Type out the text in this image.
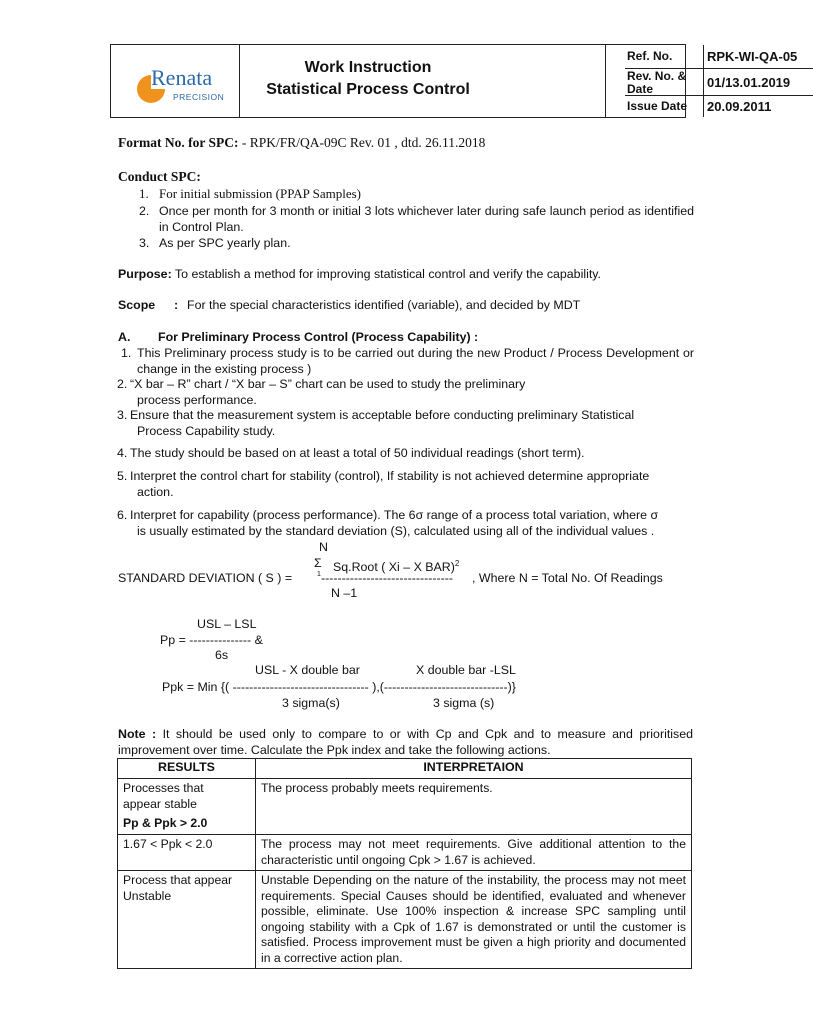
Renata
PRECISION
Work Instruction
Statistical Process Control
Ref. No.	RPK-WI-QA-05
Rev. No. &
Date	01/13.01.2019
Issue Date	20.09.2011
Format No. for SPC: - RPK/FR/QA-09C Rev. 01 , dtd. 26.11.2018
Conduct SPC:
1. For initial submission (PPAP Samples)
2. Once per month for 3 month or initial 3 lots whichever later during safe launch period as identified in Control Plan.
3. As per SPC yearly plan.
Purpose: To establish a method for improving statistical control and verify the capability.
Scope : For the special characteristics identified (variable), and decided by MDT
A. For Preliminary Process Control (Process Capability) :
1. This Preliminary process study is to be carried out during the new Product / Process Development or change in the existing process )
2. “X bar – R” chart / “X bar – S” chart can be used to study the preliminary
process performance.
3. Ensure that the measurement system is acceptable before conducting preliminary Statistical
Process Capability study.
4. The study should be based on at least a total of 50 individual readings (short term).
5. Interpret the control chart for stability (control), If stability is not achieved determine appropriate
action.
6. Interpret for capability (process performance). The 6σ range of a process total variation, where σ
is usually estimated by the standard deviation (S), calculated using all of the individual values .
N
Σ Sq.Root ( Xi – X BAR)$^2$
STANDARD DEVIATION ( S ) =	1 -------------------------------- , Where N = Total No. Of Readings
N –1
USL – LSL
Pp = --------------- &
6s
USL - X double bar	X double bar -LSL
Ppk = Min {( --------------------------------- ),(------------------------------)}
3 sigma(s)	3 sigma (s)
Note : It should be used only to compare to or with Cp and Cpk and to measure and prioritised improvement over time. Calculate the Ppk index and take the following actions.
RESULTS	INTERPRETAION

Processes that
appear stable
Pp & Ppk > 2.0	The process probably meets requirements.

1.67 < Ppk < 2.0	The process may not meet requirements. Give additional attention to the characteristic until ongoing Cpk > 1.67 is achieved.

Process that appear
Unstable	Unstable Depending on the nature of the instability, the process may not meet requirements. Special Causes should be identified, evaluated and whenever possible, eliminate. Use 100% inspection & increase SPC sampling until ongoing stability with a Cpk of 1.67 is demonstrated or until the customer is satisfied. Process improvement must be given a high priority and documented in a corrective action plan.
